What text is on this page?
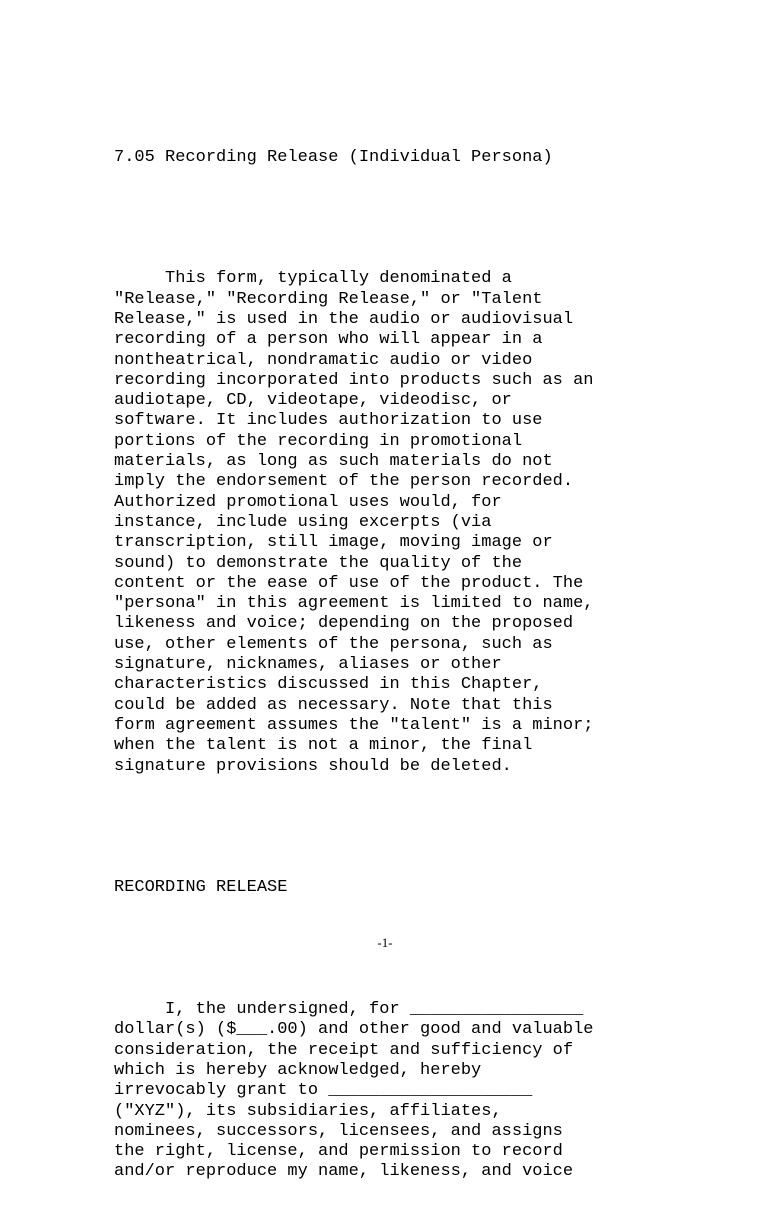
7.05 Recording Release (Individual Persona)

This form, typically denominated a
"Release," "Recording Release," or "Talent
Release," is used in the audio or audiovisual
recording of a person who will appear in a
nontheatrical, nondramatic audio or video
recording incorporated into products such as an
audiotape, CD, videotape, videodisc, or
software. It includes authorization to use
portions of the recording in promotional
materials, as long as such materials do not
imply the endorsement of the person recorded.
Authorized promotional uses would, for
instance, include using excerpts (via
transcription, still image, moving image or
sound) to demonstrate the quality of the
content or the ease of use of the product. The
"persona" in this agreement is limited to name,
likeness and voice; depending on the proposed
use, other elements of the persona, such as
signature, nicknames, aliases or other
characteristics discussed in this Chapter,
could be added as necessary. Note that this
form agreement assumes the "talent" is a minor;
when the talent is not a minor, the final
signature provisions should be deleted.

RECORDING RELEASE

I, the undersigned, for _________________
dollar(s) ($___.00) and other good and valuable
consideration, the receipt and sufficiency of
which is hereby acknowledged, hereby
irrevocably grant to ____________________
("XYZ"), its subsidiaries, affiliates,
nominees, successors, licensees, and assigns
the right, license, and permission to record
and/or reproduce my name, likeness, and voice

-1-
